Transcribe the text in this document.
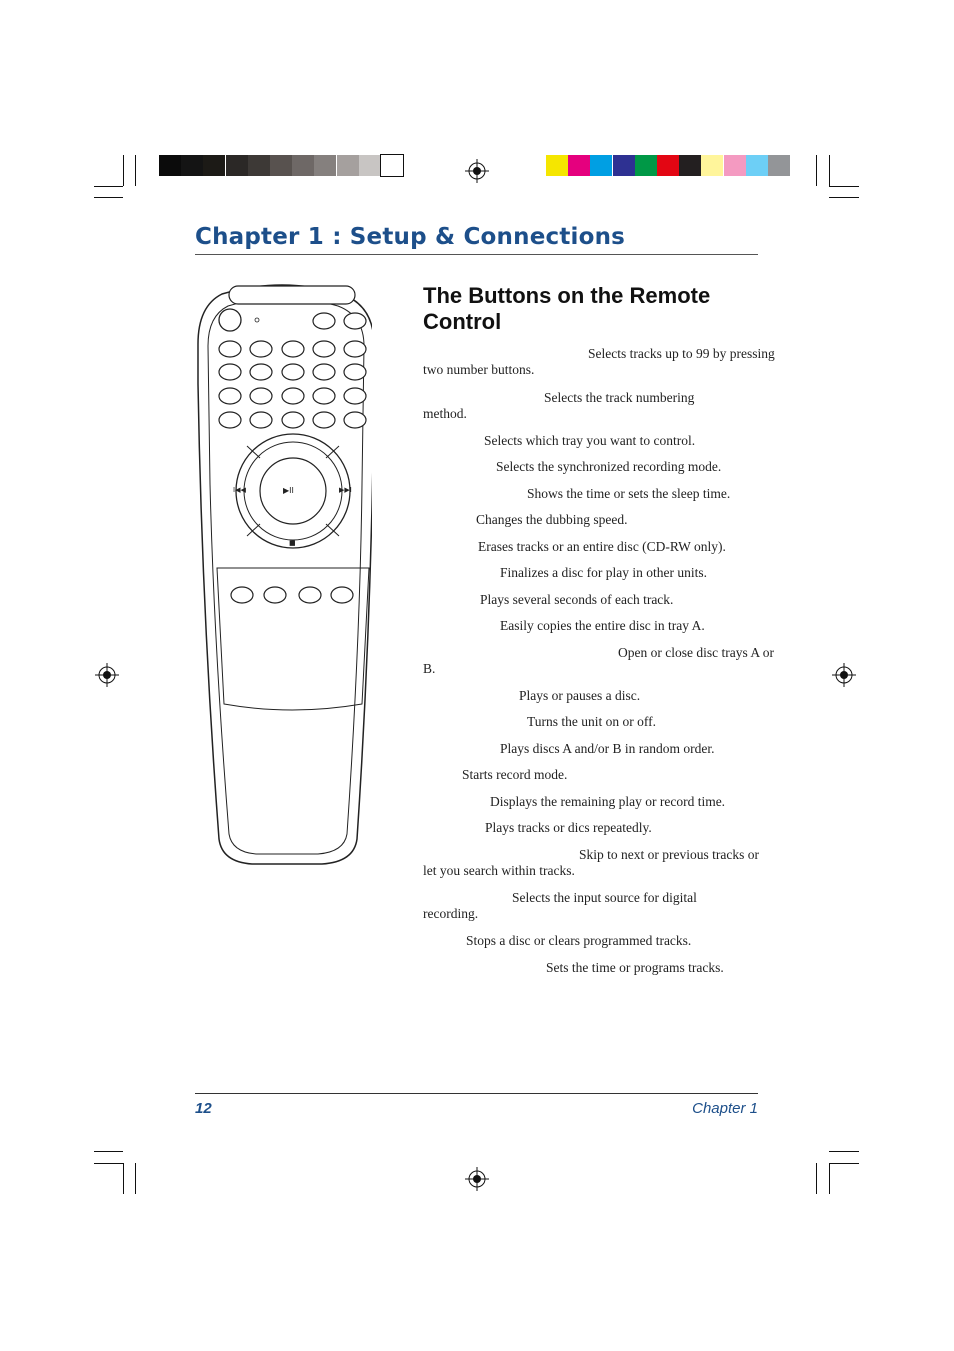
Chapter 1 : Setup & Connections
The Buttons on the Remote Control
▶II
I◀◀	▶▶I
■
Selects tracks up to 99 by pressing two number buttons.
Selects the track numbering method.
Selects which tray you want to control.
Selects the synchronized recording mode.
Shows the time or sets the sleep time.
Changes the dubbing speed.
Erases tracks or an entire disc (CD-RW only).
Finalizes a disc for play in other units.
Plays several seconds of each track.
Easily copies the entire disc in tray A.
Open or close disc trays A or B.
Plays or pauses a disc.
Turns the unit on or off.
Plays discs A and/or B in random order.
Starts record mode.
Displays the remaining play or record time.
Plays tracks or dics repeatedly.
Skip to next or previous tracks or let you search within tracks.
Selects the input source for digital recording.
Stops a disc or clears programmed tracks.
Sets the time or programs tracks.
12	Chapter 1
